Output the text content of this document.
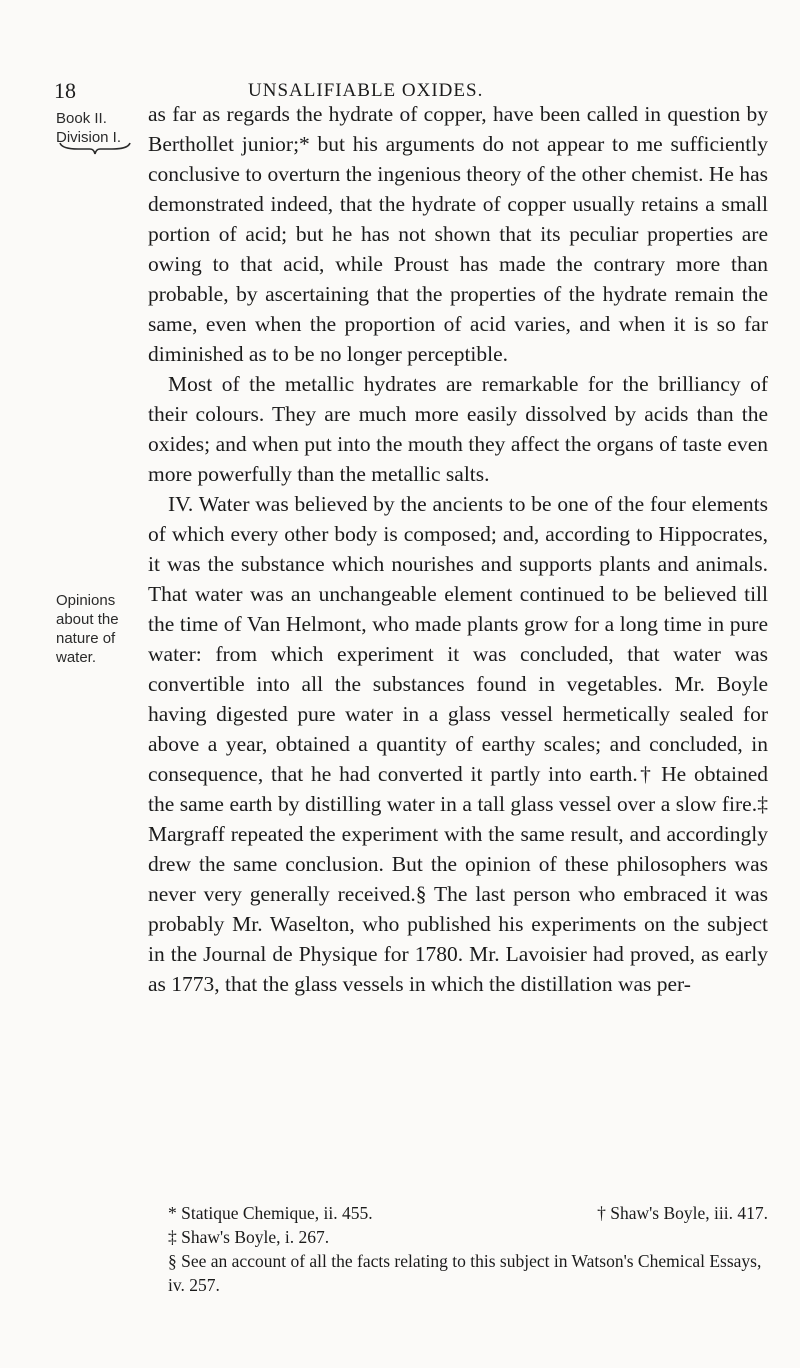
18	UNSALIFIABLE OXIDES.
Book II.
Division I.
Opinions
about the
nature of
water.

as far as regards the hydrate of copper, have been called in question by Berthollet junior;* but his arguments do not appear to me sufficiently conclusive to overturn the ingenious theory of the other chemist. He has demonstrated indeed, that the hydrate of copper usually retains a small portion of acid; but he has not shown that its peculiar properties are owing to that acid, while Proust has made the contrary more than probable, by ascertaining that the properties of the hydrate remain the same, even when the proportion of acid varies, and when it is so far diminished as to be no longer perceptible.

Most of the metallic hydrates are remarkable for the brilliancy of their colours. They are much more easily dissolved by acids than the oxides; and when put into the mouth they affect the organs of taste even more powerfully than the metallic salts.

IV. Water was believed by the ancients to be one of the four elements of which every other body is composed; and, according to Hippocrates, it was the substance which nourishes and supports plants and animals. That water was an unchangeable element continued to be believed till the time of Van Helmont, who made plants grow for a long time in pure water: from which experiment it was concluded, that water was convertible into all the substances found in vegetables. Mr. Boyle having digested pure water in a glass vessel hermetically sealed for above a year, obtained a quantity of earthy scales; and concluded, in consequence, that he had converted it partly into earth.† He obtained the same earth by distilling water in a tall glass vessel over a slow fire.‡ Margraff repeated the experiment with the same result, and accordingly drew the same conclusion. But the opinion of these philosophers was never very generally received.§ The last person who embraced it was probably Mr. Waselton, who published his experiments on the subject in the Journal de Physique for 1780. Mr. Lavoisier had proved, as early as 1773, that the glass vessels in which the distillation was per-

* Statique Chemique, ii. 455.	† Shaw's Boyle, iii. 417.
‡ Shaw's Boyle, i. 267.
§ See an account of all the facts relating to this subject in Watson's Chemical Essays, iv. 257.
